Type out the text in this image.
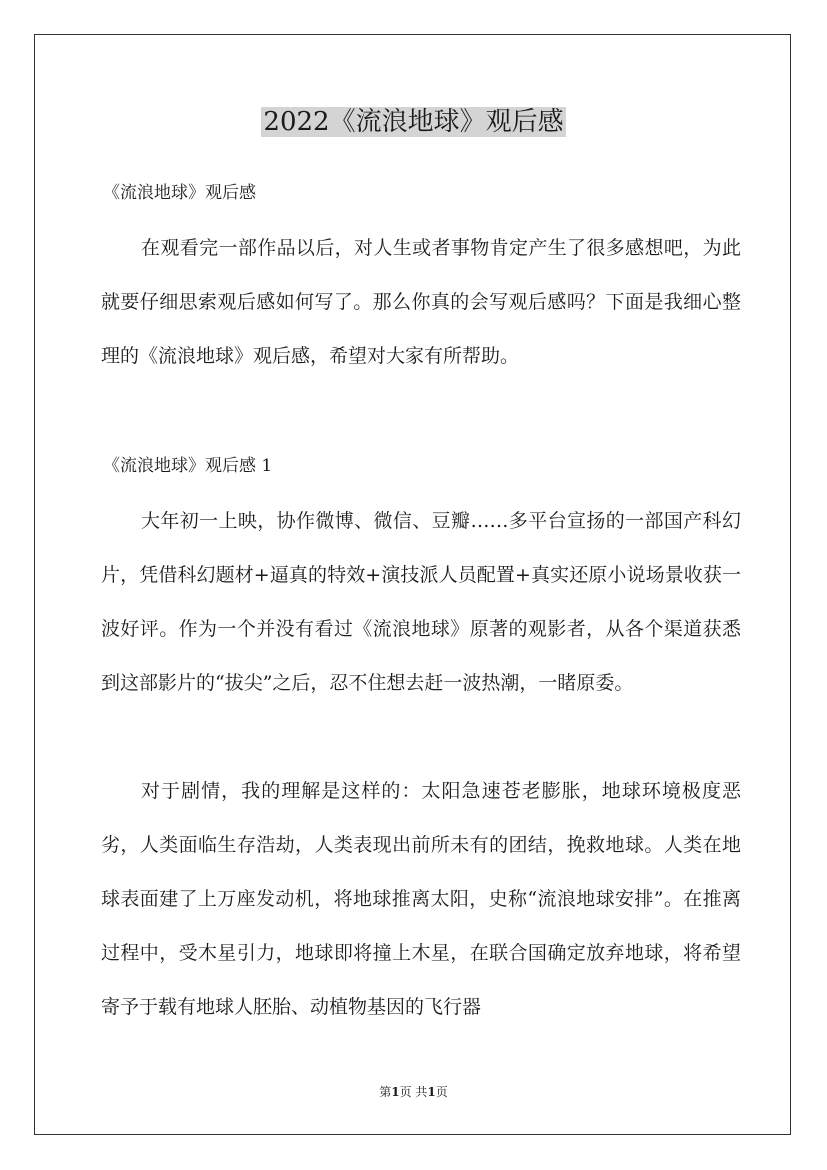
2022《流浪地球》观后感
《流浪地球》观后感

在观看完一部作品以后，对人生或者事物肯定产生了很多感想吧，为此就要仔细思索观后感如何写了。那么你真的会写观后感吗？下面是我细心整理的《流浪地球》观后感，希望对大家有所帮助。

《流浪地球》观后感 1

大年初一上映，协作微博、微信、豆瓣……多平台宣扬的一部国产科幻片，凭借科幻题材+逼真的特效+演技派人员配置+真实还原小说场景收获一波好评。作为一个并没有看过《流浪地球》原著的观影者，从各个渠道获悉到这部影片的“拔尖”之后，忍不住想去赶一波热潮，一睹原委。

对于剧情，我的理解是这样的：太阳急速苍老膨胀，地球环境极度恶劣，人类面临生存浩劫，人类表现出前所未有的团结，挽救地球。人类在地球表面建了上万座发动机，将地球推离太阳，史称“流浪地球安排”。在推离过程中，受木星引力，地球即将撞上木星，在联合国确定放弃地球，将希望寄予于载有地球人胚胎、动植物基因的飞行器

第1页 共1页
